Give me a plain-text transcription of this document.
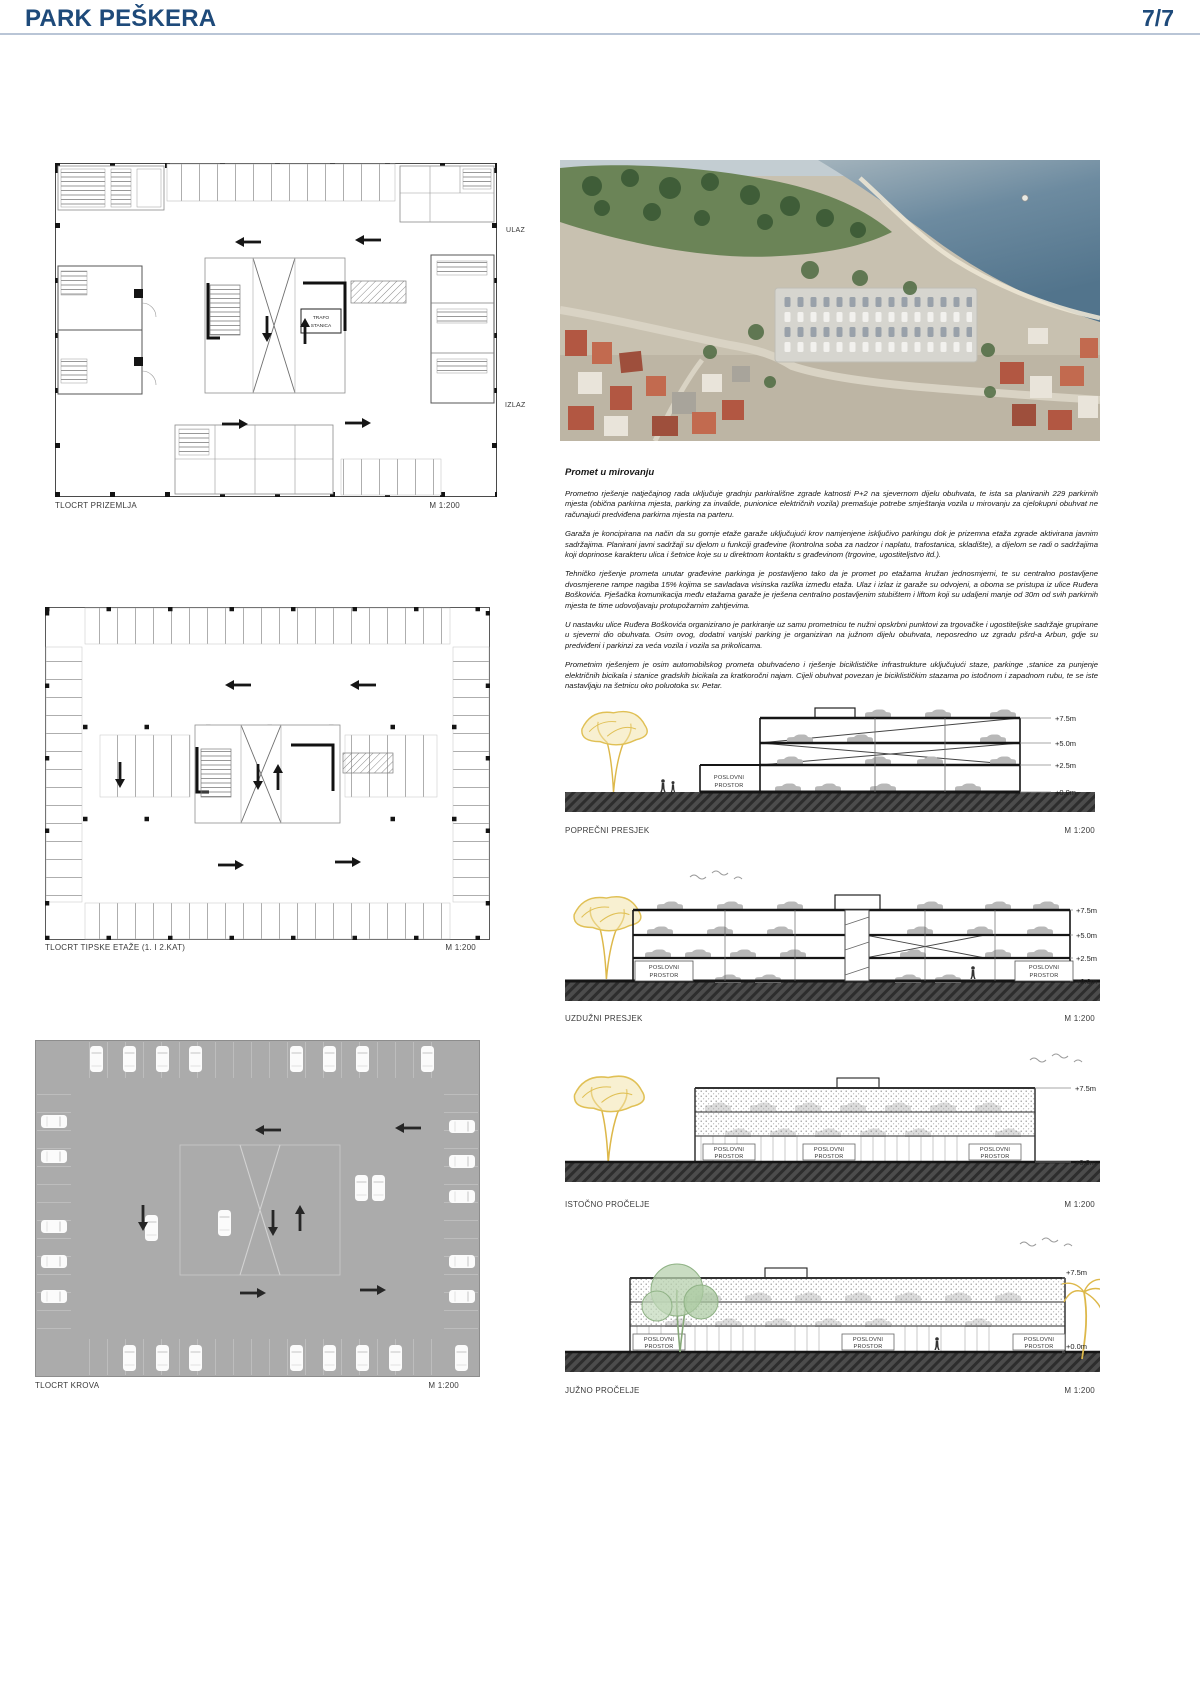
PARK PEŠKERA	7/7
TRAFO
STANICA
ULAZ
IZLAZ
TLOCRT PRIZEMLJA	M 1:200
TLOCRT TIPSKE ETAŽE (1. I 2.KAT)	M 1:200
TLOCRT KROVA	M 1:200
Promet u mirovanju

Prometno rješenje natječajnog rada uključuje gradnju parkirališne zgrade katnosti P+2 na sjevernom dijelu obuhvata, te ista sa planiranih 229 parkirnih mjesta (obična parkirna mjesta, parking za invalide, punionice električnih vozila) premašuje potrebe smještanja vozila u mirovanju za cjelokupni obuhvat ne računajući predviđena parkirna mjesta na parteru.

Garaža je koncipirana na način da su gornje etaže garaže uključujući krov namjenjene isključivo parkingu dok je prizemna etaža zgrade aktivirana javnim sadržajima. Planirani javni sadržaji su djelom u funkciji građevine (kontrolna soba za nadzor i naplatu, trafostanica, skladište), a dijelom se radi o sadržajima koji doprinose karakteru ulica i šetnice koje su u direktnom kontaktu s građevinom (trgovine, ugostiteljstvo itd.).

Tehničko rješenje prometa unutar građevine parkinga je postavljeno tako da je promet po etažama kružan jednosmjerni, te su centralno postavljene dvosmjerene rampe nagiba 15% kojima se savladava visinska razlika između etaža. Ulaz i izlaz iz garaže su odvojeni, a oboma se pristupa iz ulice Ruđera Boškovića. Pješačka komunikacija među etažama garaže je rješena centralno postavljenim stubištem i liftom koji su udaljeni manje od 30m od svih parkirnih mjesta te time udovoljavaju protupožarnim zahtjevima.

U nastavku ulice Ruđera Boškovića organizirano je parkiranje uz samu prometnicu te nužni opskrbni punktovi za trgovačke i ugostiteljske sadržaje grupirane u sjeverni dio obuhvata. Osim ovog, dodatni vanjski parking je organiziran na južnom dijelu obuhvata, neposredno uz zgradu pšrd-a Arbun, gdje su predviđeni i parkinzi za veća vozila i vozila sa prikolicama.

Prometnim rješenjem je osim automobilskog prometa obuhvaćeno i rješenje biciklističke infrastrukture uključujući staze, parkinge ,stanice za punjenje električnih bicikala i stanice gradskih bicikala za kratkoročni najam. Cijeli obuhvat povezan je biciklističkim stazama po istočnom i zapadnom rubu, te se iste nastavljaju na šetnicu oko poluotoka sv. Petar.

POSLOVNI
PROSTOR
+7.5m
+5.0m
+2.5m
+0.0m
POPREČNI PRESJEK	M 1:200
POSLOVNI
PROSTOR
POSLOVNI
PROSTOR
+7.5m
+5.0m
+2.5m
+0.0m
UZDUŽNI PRESJEK	M 1:200
POSLOVNI
PROSTOR
POSLOVNI
PROSTOR
POSLOVNI
PROSTOR
+7.5m
+0.0m
ISTOČNO PROČELJE	M 1:200
POSLOVNI
PROSTOR
POSLOVNI
PROSTOR
POSLOVNI
PROSTOR
+7.5m
+0.0m
JUŽNO PROČELJE	M 1:200
